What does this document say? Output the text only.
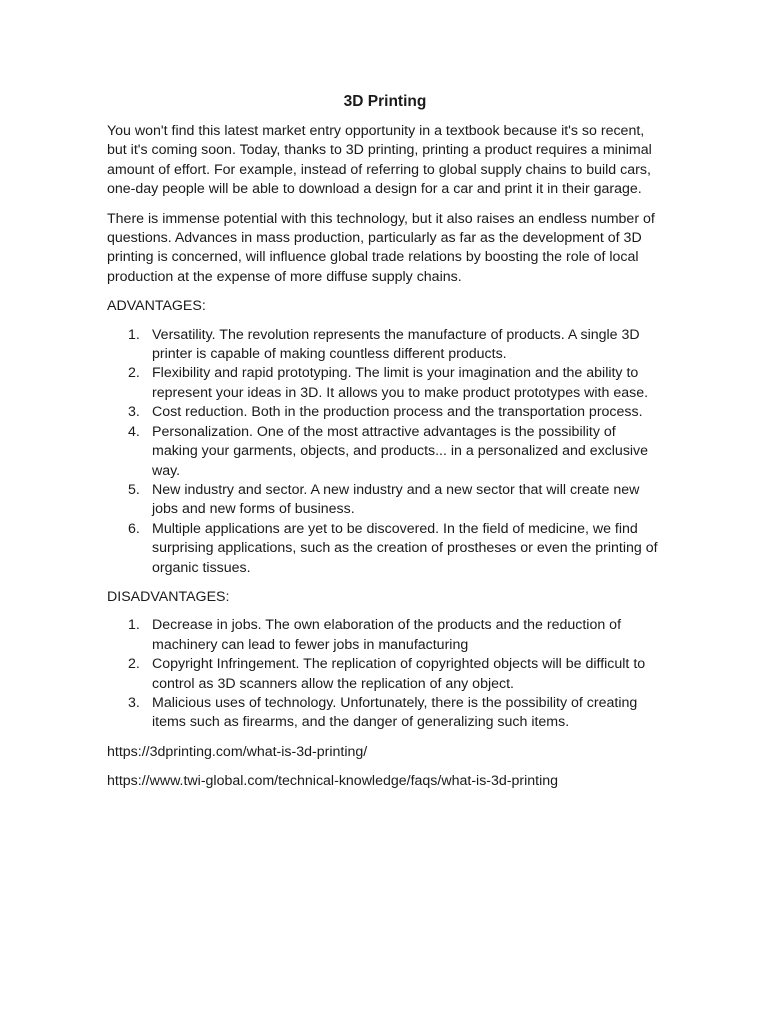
3D Printing

You won't find this latest market entry opportunity in a textbook because it's so recent, but it's coming soon. Today, thanks to 3D printing, printing a product requires a minimal amount of effort. For example, instead of referring to global supply chains to build cars, one-day people will be able to download a design for a car and print it in their garage.

There is immense potential with this technology, but it also raises an endless number of questions. Advances in mass production, particularly as far as the development of 3D printing is concerned, will influence global trade relations by boosting the role of local production at the expense of more diffuse supply chains.

ADVANTAGES:
1. Versatility. The revolution represents the manufacture of products. A single 3D printer is capable of making countless different products.
2. Flexibility and rapid prototyping. The limit is your imagination and the ability to represent your ideas in 3D. It allows you to make product prototypes with ease.
3. Cost reduction. Both in the production process and the transportation process.
4. Personalization. One of the most attractive advantages is the possibility of making your garments, objects, and products... in a personalized and exclusive way.
5. New industry and sector. A new industry and a new sector that will create new jobs and new forms of business.
6. Multiple applications are yet to be discovered. In the field of medicine, we find surprising applications, such as the creation of prostheses or even the printing of organic tissues.
DISADVANTAGES:
1. Decrease in jobs. The own elaboration of the products and the reduction of machinery can lead to fewer jobs in manufacturing
2. Copyright Infringement. The replication of copyrighted objects will be difficult to control as 3D scanners allow the replication of any object.
3. Malicious uses of technology. Unfortunately, there is the possibility of creating items such as firearms, and the danger of generalizing such items.
https://3dprinting.com/what-is-3d-printing/
https://www.twi-global.com/technical-knowledge/faqs/what-is-3d-printing
